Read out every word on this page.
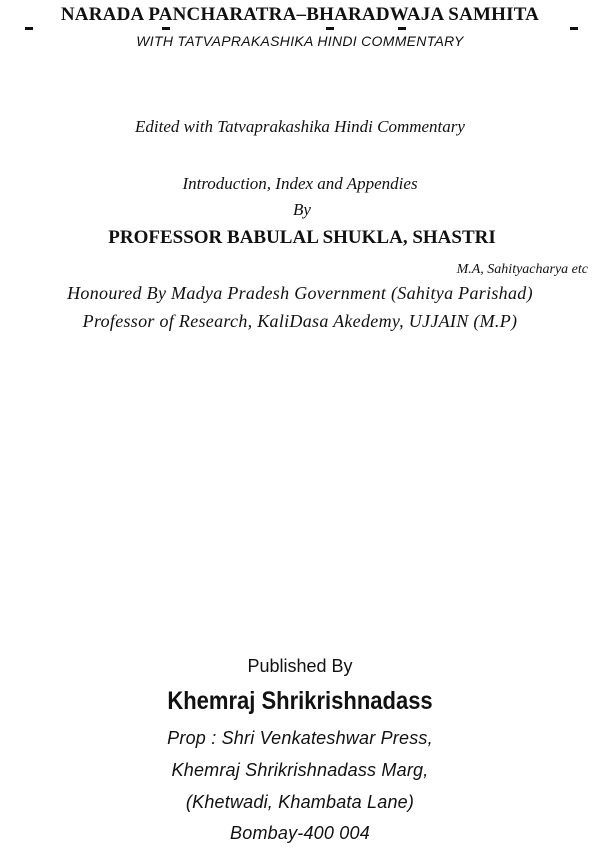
NARADA PANCHARATRA–BHARADWAJA SAMHITA
WITH TATVAPRAKASHIKA HINDI COMMENTARY
Edited with Tatvaprakashika Hindi Commentary
Introduction, Index and Appendies
By
PROFESSOR BABULAL SHUKLA, SHASTRI
M.A, Sahityacharya etc
Honoured By Madya Pradesh Government (Sahitya Parishad)
Professor of Research, KaliDasa Akedemy, UJJAIN (M.P)
Published By
Khemraj Shrikrishnadass
Prop : Shri Venkateshwar Press,
Khemraj Shrikrishnadass Marg,
(Khetwadi, Khambata Lane)
Bombay-400 004
